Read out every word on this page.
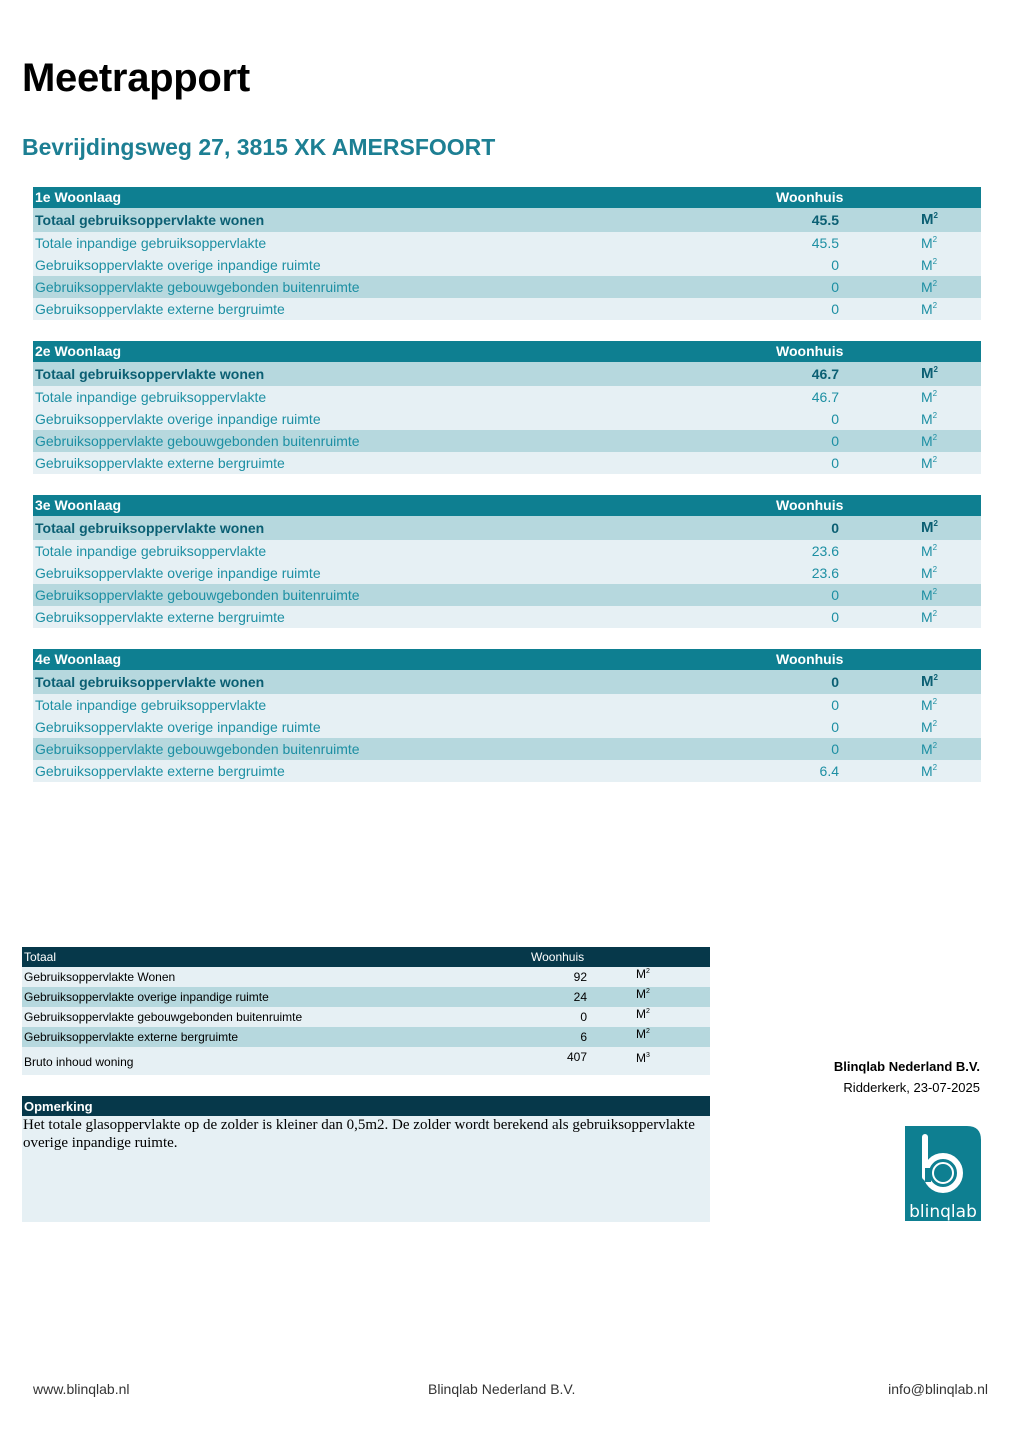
Meetrapport
Bevrijdingsweg 27, 3815 XK AMERSFOORT
1e Woonlaag	Woonhuis
Totaal gebruiksoppervlakte wonen	45.5	$M^2$
Totale inpandige gebruiksoppervlakte	45.5	$M^2$
Gebruiksoppervlakte overige inpandige ruimte	0	$M^2$
Gebruiksoppervlakte gebouwgebonden buitenruimte	0	$M^2$
Gebruiksoppervlakte externe bergruimte	0	$M^2$
2e Woonlaag	Woonhuis
Totaal gebruiksoppervlakte wonen	46.7	$M^2$
Totale inpandige gebruiksoppervlakte	46.7	$M^2$
Gebruiksoppervlakte overige inpandige ruimte	0	$M^2$
Gebruiksoppervlakte gebouwgebonden buitenruimte	0	$M^2$
Gebruiksoppervlakte externe bergruimte	0	$M^2$
3e Woonlaag	Woonhuis
Totaal gebruiksoppervlakte wonen	0	$M^2$
Totale inpandige gebruiksoppervlakte	23.6	$M^2$
Gebruiksoppervlakte overige inpandige ruimte	23.6	$M^2$
Gebruiksoppervlakte gebouwgebonden buitenruimte	0	$M^2$
Gebruiksoppervlakte externe bergruimte	0	$M^2$
4e Woonlaag	Woonhuis
Totaal gebruiksoppervlakte wonen	0	$M^2$
Totale inpandige gebruiksoppervlakte	0	$M^2$
Gebruiksoppervlakte overige inpandige ruimte	0	$M^2$
Gebruiksoppervlakte gebouwgebonden buitenruimte	0	$M^2$
Gebruiksoppervlakte externe bergruimte	6.4	$M^2$
Totaal	Woonhuis
Gebruiksoppervlakte Wonen	92	$M^2$
Gebruiksoppervlakte overige inpandige ruimte	24	$M^2$
Gebruiksoppervlakte gebouwgebonden buitenruimte	0	$M^2$
Gebruiksoppervlakte externe bergruimte	6	$M^2$
Bruto inhoud woning	407	$M^3$
Opmerking
Het totale glasoppervlakte op de zolder is kleiner dan 0,5m2. De zolder wordt berekend als gebruiksoppervlakte overige inpandige ruimte.
Blinqlab Nederland B.V.
Ridderkerk, 23-07-2025
blinqlab
www.blinqlab.nl	Blinqlab Nederland B.V.	info@blinqlab.nl
